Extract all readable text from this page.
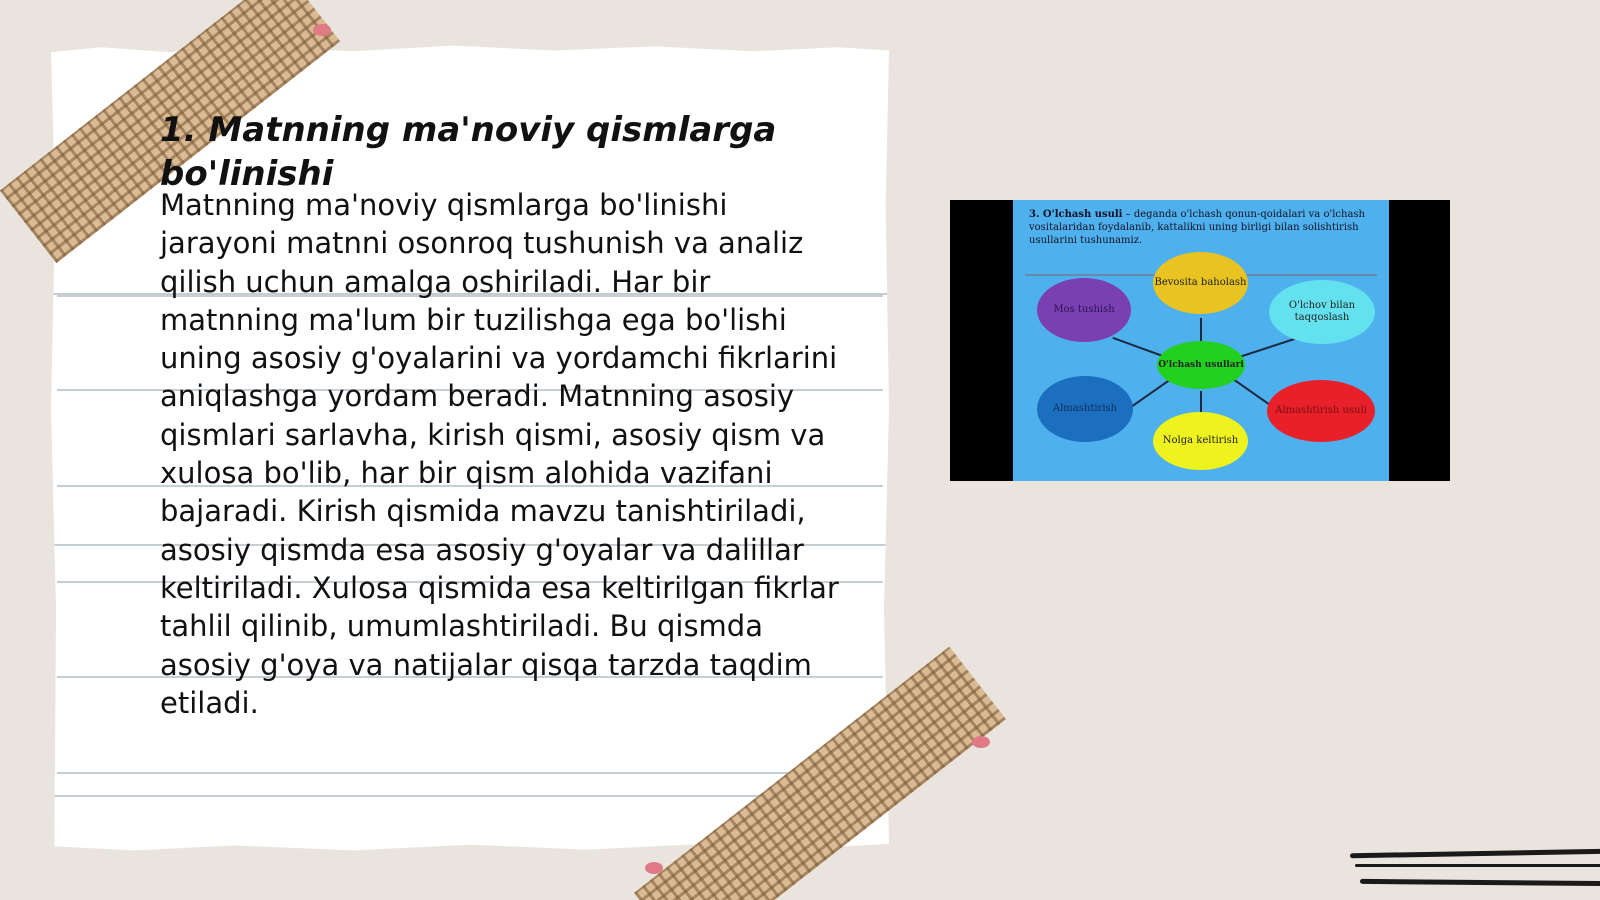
1. Matnning ma'noviy qismlarga bo'linishi

Matnning ma'noviy qismlarga bo'linishi jarayoni matnni osonroq tushunish va analiz qilish uchun amalga oshiriladi. Har bir matnning ma'lum bir tuzilishga ega bo'lishi uning asosiy g'oyalarini va yordamchi fikrlarini aniqlashga yordam beradi. Matnning asosiy qismlari sarlavha, kirish qismi, asosiy qism va xulosa bo'lib, har bir qism alohida vazifani bajaradi. Kirish qismida mavzu tanishtiriladi, asosiy qismda esa asosiy g'oyalar va dalillar keltiriladi. Xulosa qismida esa keltirilgan fikrlar tahlil qilinib, umumlashtiriladi. Bu qismda asosiy g'oya va natijalar qisqa tarzda taqdim etiladi.

3. O'lchash usuli – deganda o'lchash qonun-qoidalari va o'lchash vositalaridan foydalanib, kattalikni uning birligi bilan solishtirish usullarini tushunamiz.

Bevosita baholash
O'lchov bilan taqqoslash
Mos tushish
O'lchash usullari
Almashtirish	Almashtirish usuli
Nolga keltirish
